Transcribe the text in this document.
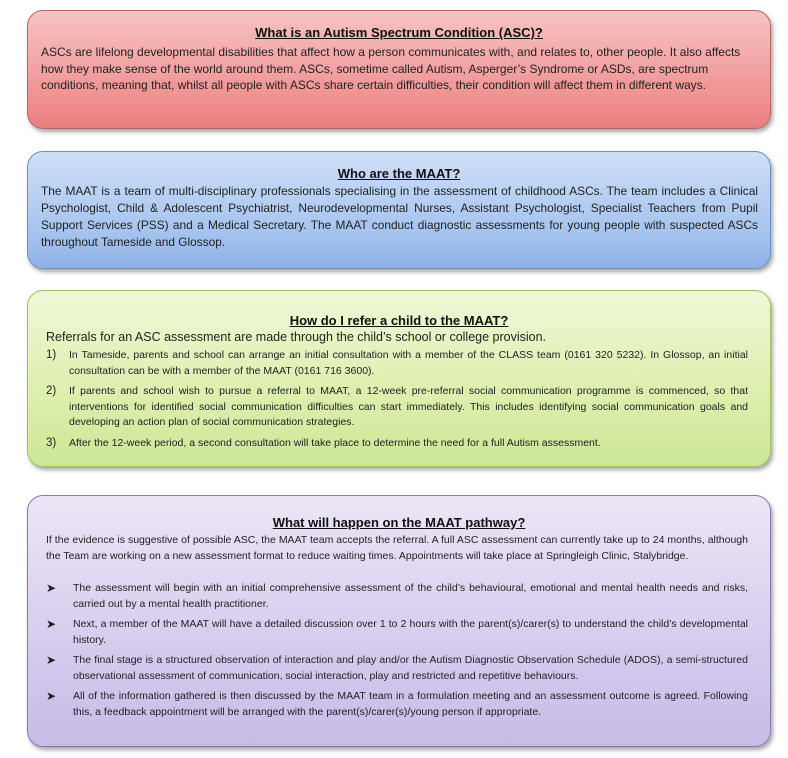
What is an Autism Spectrum Condition (ASC)?

ASCs are lifelong developmental disabilities that affect how a person communicates with, and relates to, other people. It also affects how they make sense of the world around them. ASCs, sometime called Autism, Asperger’s Syndrome or ASDs, are spectrum conditions, meaning that, whilst all people with ASCs share certain difficulties, their condition will affect them in different ways.

Who are the MAAT?

The MAAT is a team of multi-disciplinary professionals specialising in the assessment of childhood ASCs. The team includes a Clinical Psychologist, Child & Adolescent Psychiatrist, Neurodevelopmental Nurses, Assistant Psychologist, Specialist Teachers from Pupil Support Services (PSS) and a Medical Secretary. The MAAT conduct diagnostic assessments for young people with suspected ASCs throughout Tameside and Glossop.

How do I refer a child to the MAAT?

Referrals for an ASC assessment are made through the child’s school or college provision.

1)	In Tameside, parents and school can arrange an initial consultation with a member of the CLASS team (0161 320 5232). In Glossop, an initial consultation can be with a member of the MAAT (0161 716 3600).
2)	If parents and school wish to pursue a referral to MAAT, a 12-week pre-referral social communication programme is commenced, so that interventions for identified social communication difficulties can start immediately. This includes identifying social communication goals and developing an action plan of social communication strategies.
3)	After the 12-week period, a second consultation will take place to determine the need for a full Autism assessment.
What will happen on the MAAT pathway?

If the evidence is suggestive of possible ASC, the MAAT team accepts the referral. A full ASC assessment can currently take up to 24 months, although the Team are working on a new assessment format to reduce waiting times. Appointments will take place at Springleigh Clinic, Stalybridge.

➤	The assessment will begin with an initial comprehensive assessment of the child’s behavioural, emotional and mental health needs and risks, carried out by a mental health practitioner.
➤	Next, a member of the MAAT will have a detailed discussion over 1 to 2 hours with the parent(s)/carer(s) to understand the child’s developmental history.
➤	The final stage is a structured observation of interaction and play and/or the Autism Diagnostic Observation Schedule (ADOS), a semi-structured observational assessment of communication, social interaction, play and restricted and repetitive behaviours.
➤	All of the information gathered is then discussed by the MAAT team in a formulation meeting and an assessment outcome is agreed. Following this, a feedback appointment will be arranged with the parent(s)/carer(s)/young person if appropriate.
